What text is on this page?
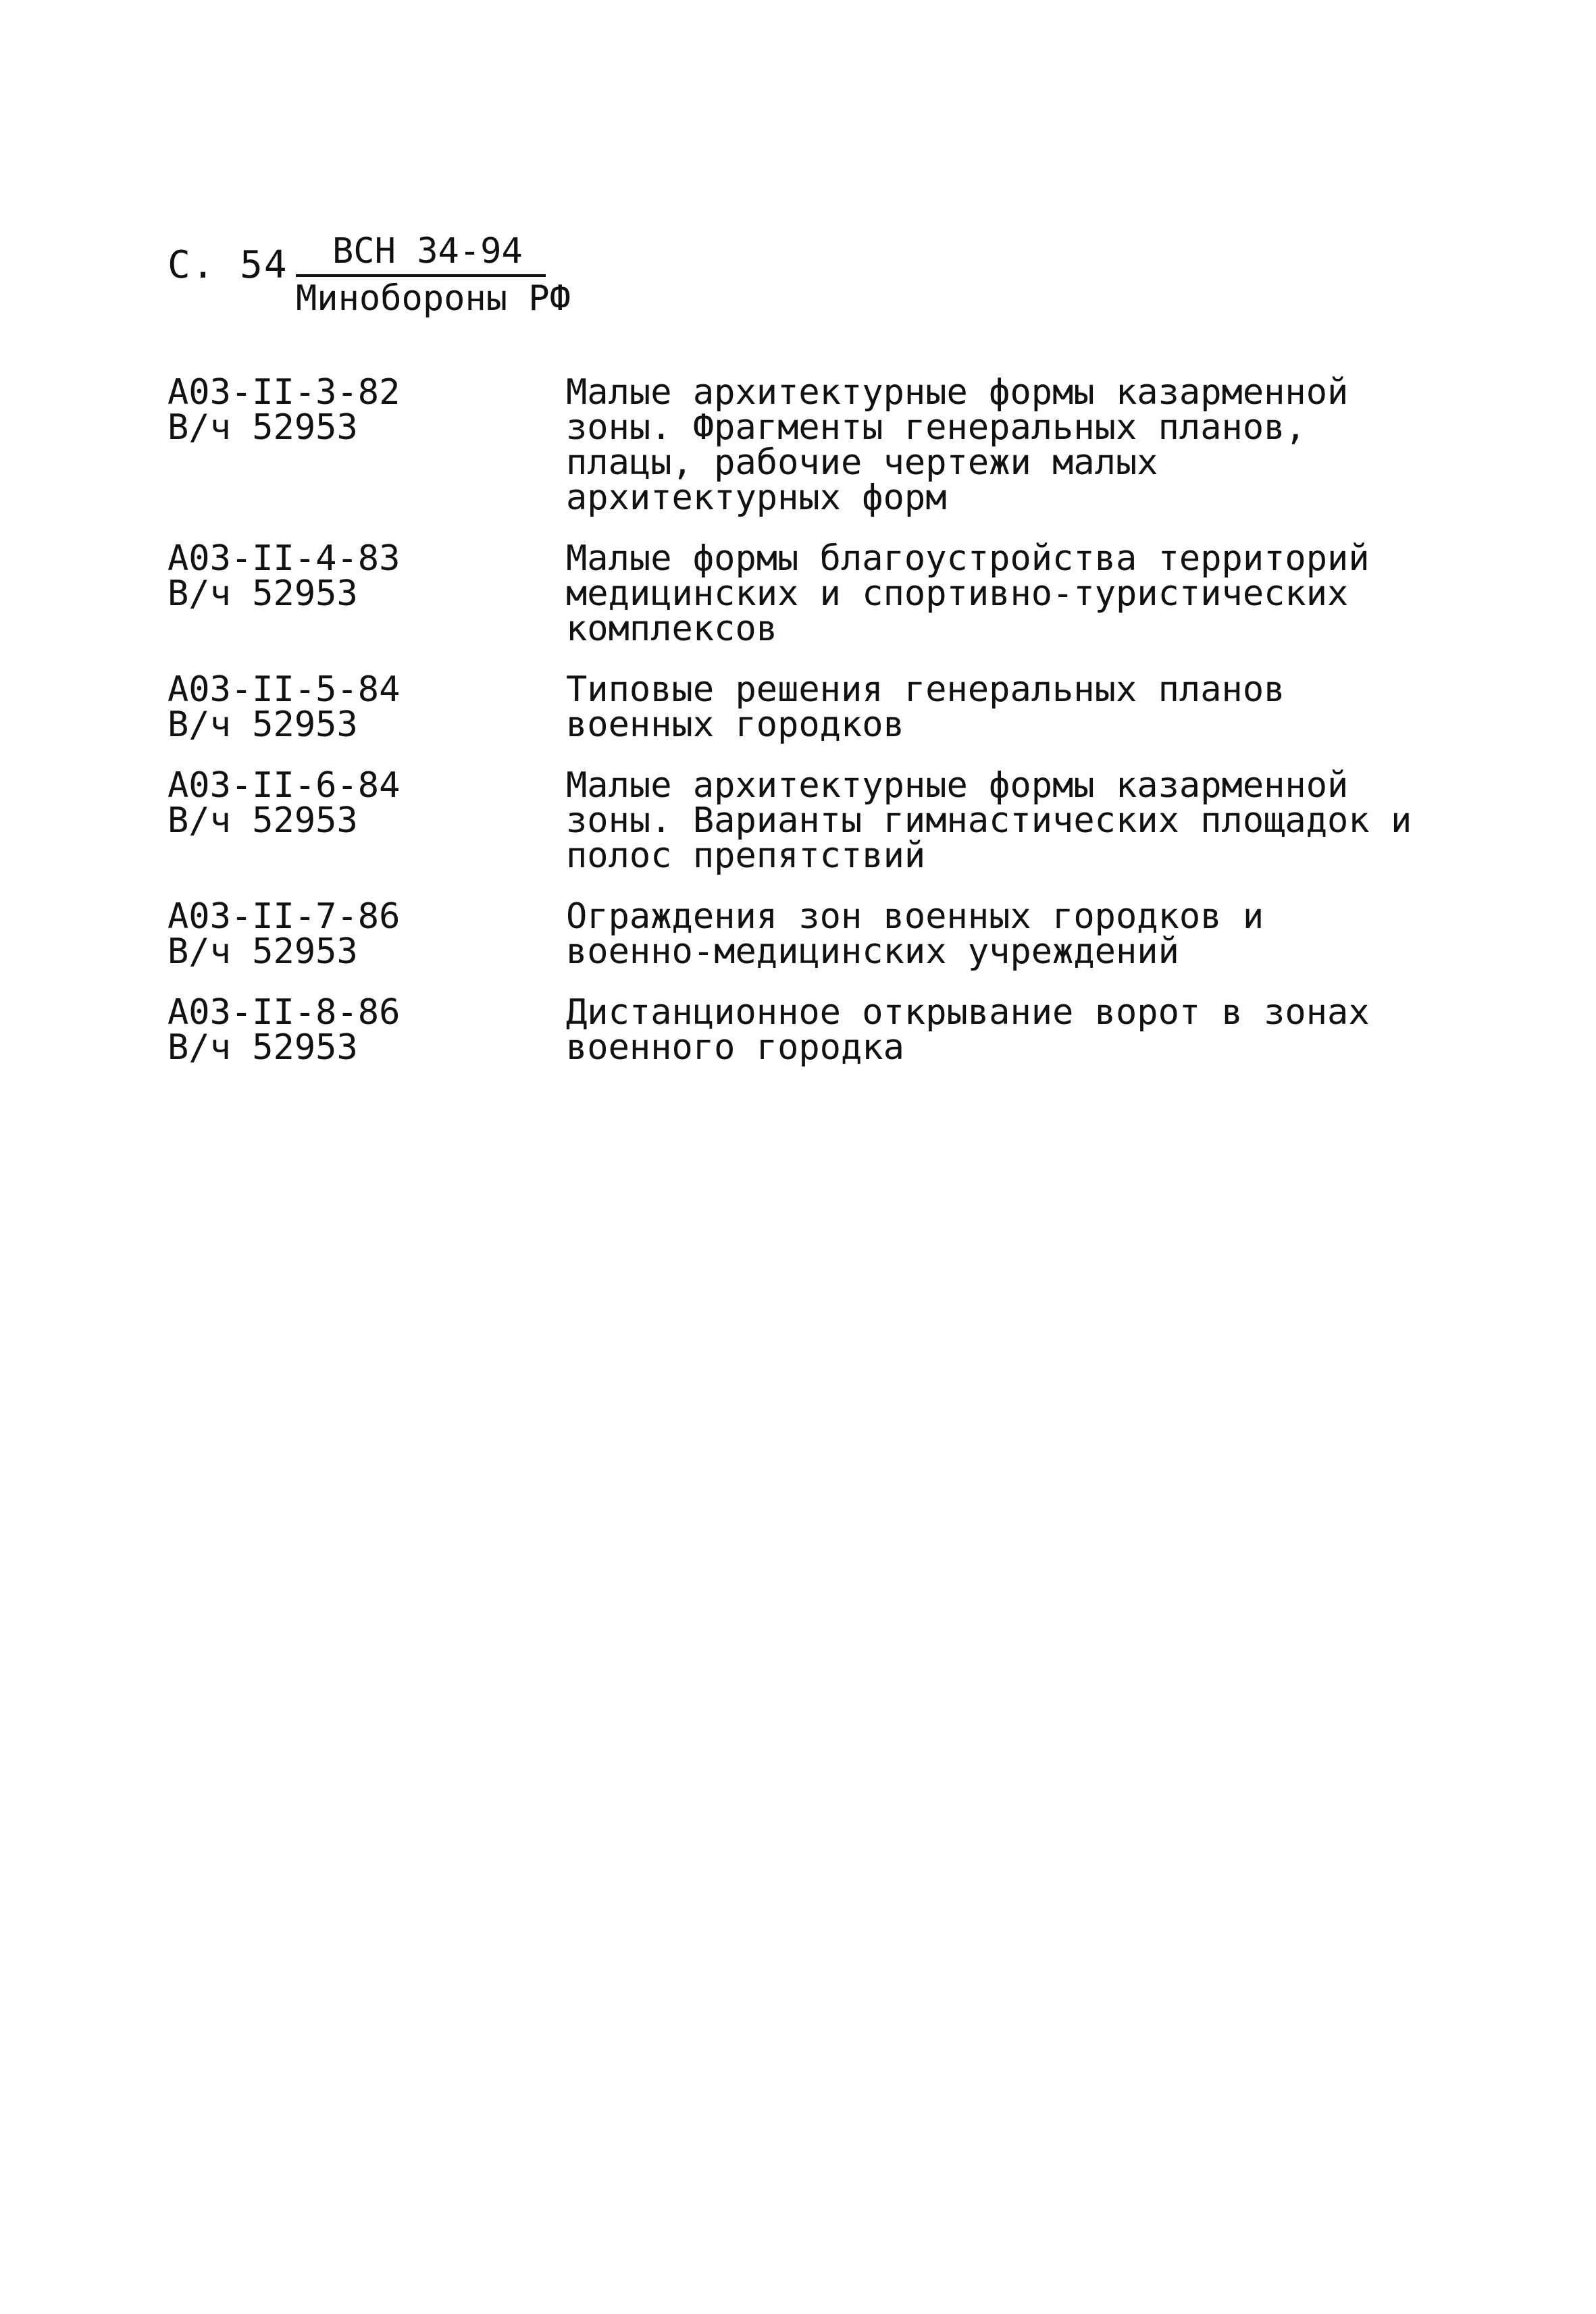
С. 54	ВСН 34-94
Минобороны РФ
А03-II-3-82
В/ч 52953
Малые архитектурные формы казарменной зоны. Фрагменты генеральных планов, плацы, рабочие чертежи малых архитектурных форм
А03-II-4-83
В/ч 52953
Малые формы благоустройства территорий медицинских и спортивно-туристических комплексов
А03-II-5-84
В/ч 52953
Типовые решения генеральных планов военных городков
А03-II-6-84
В/ч 52953
Малые архитектурные формы казарменной зоны. Варианты гимнастических площадок и полос препятствий
А03-II-7-86
В/ч 52953
Ограждения зон военных городков и военно-медицинских учреждений
А03-II-8-86
В/ч 52953
Дистанционное открывание ворот в зонах военного городка
